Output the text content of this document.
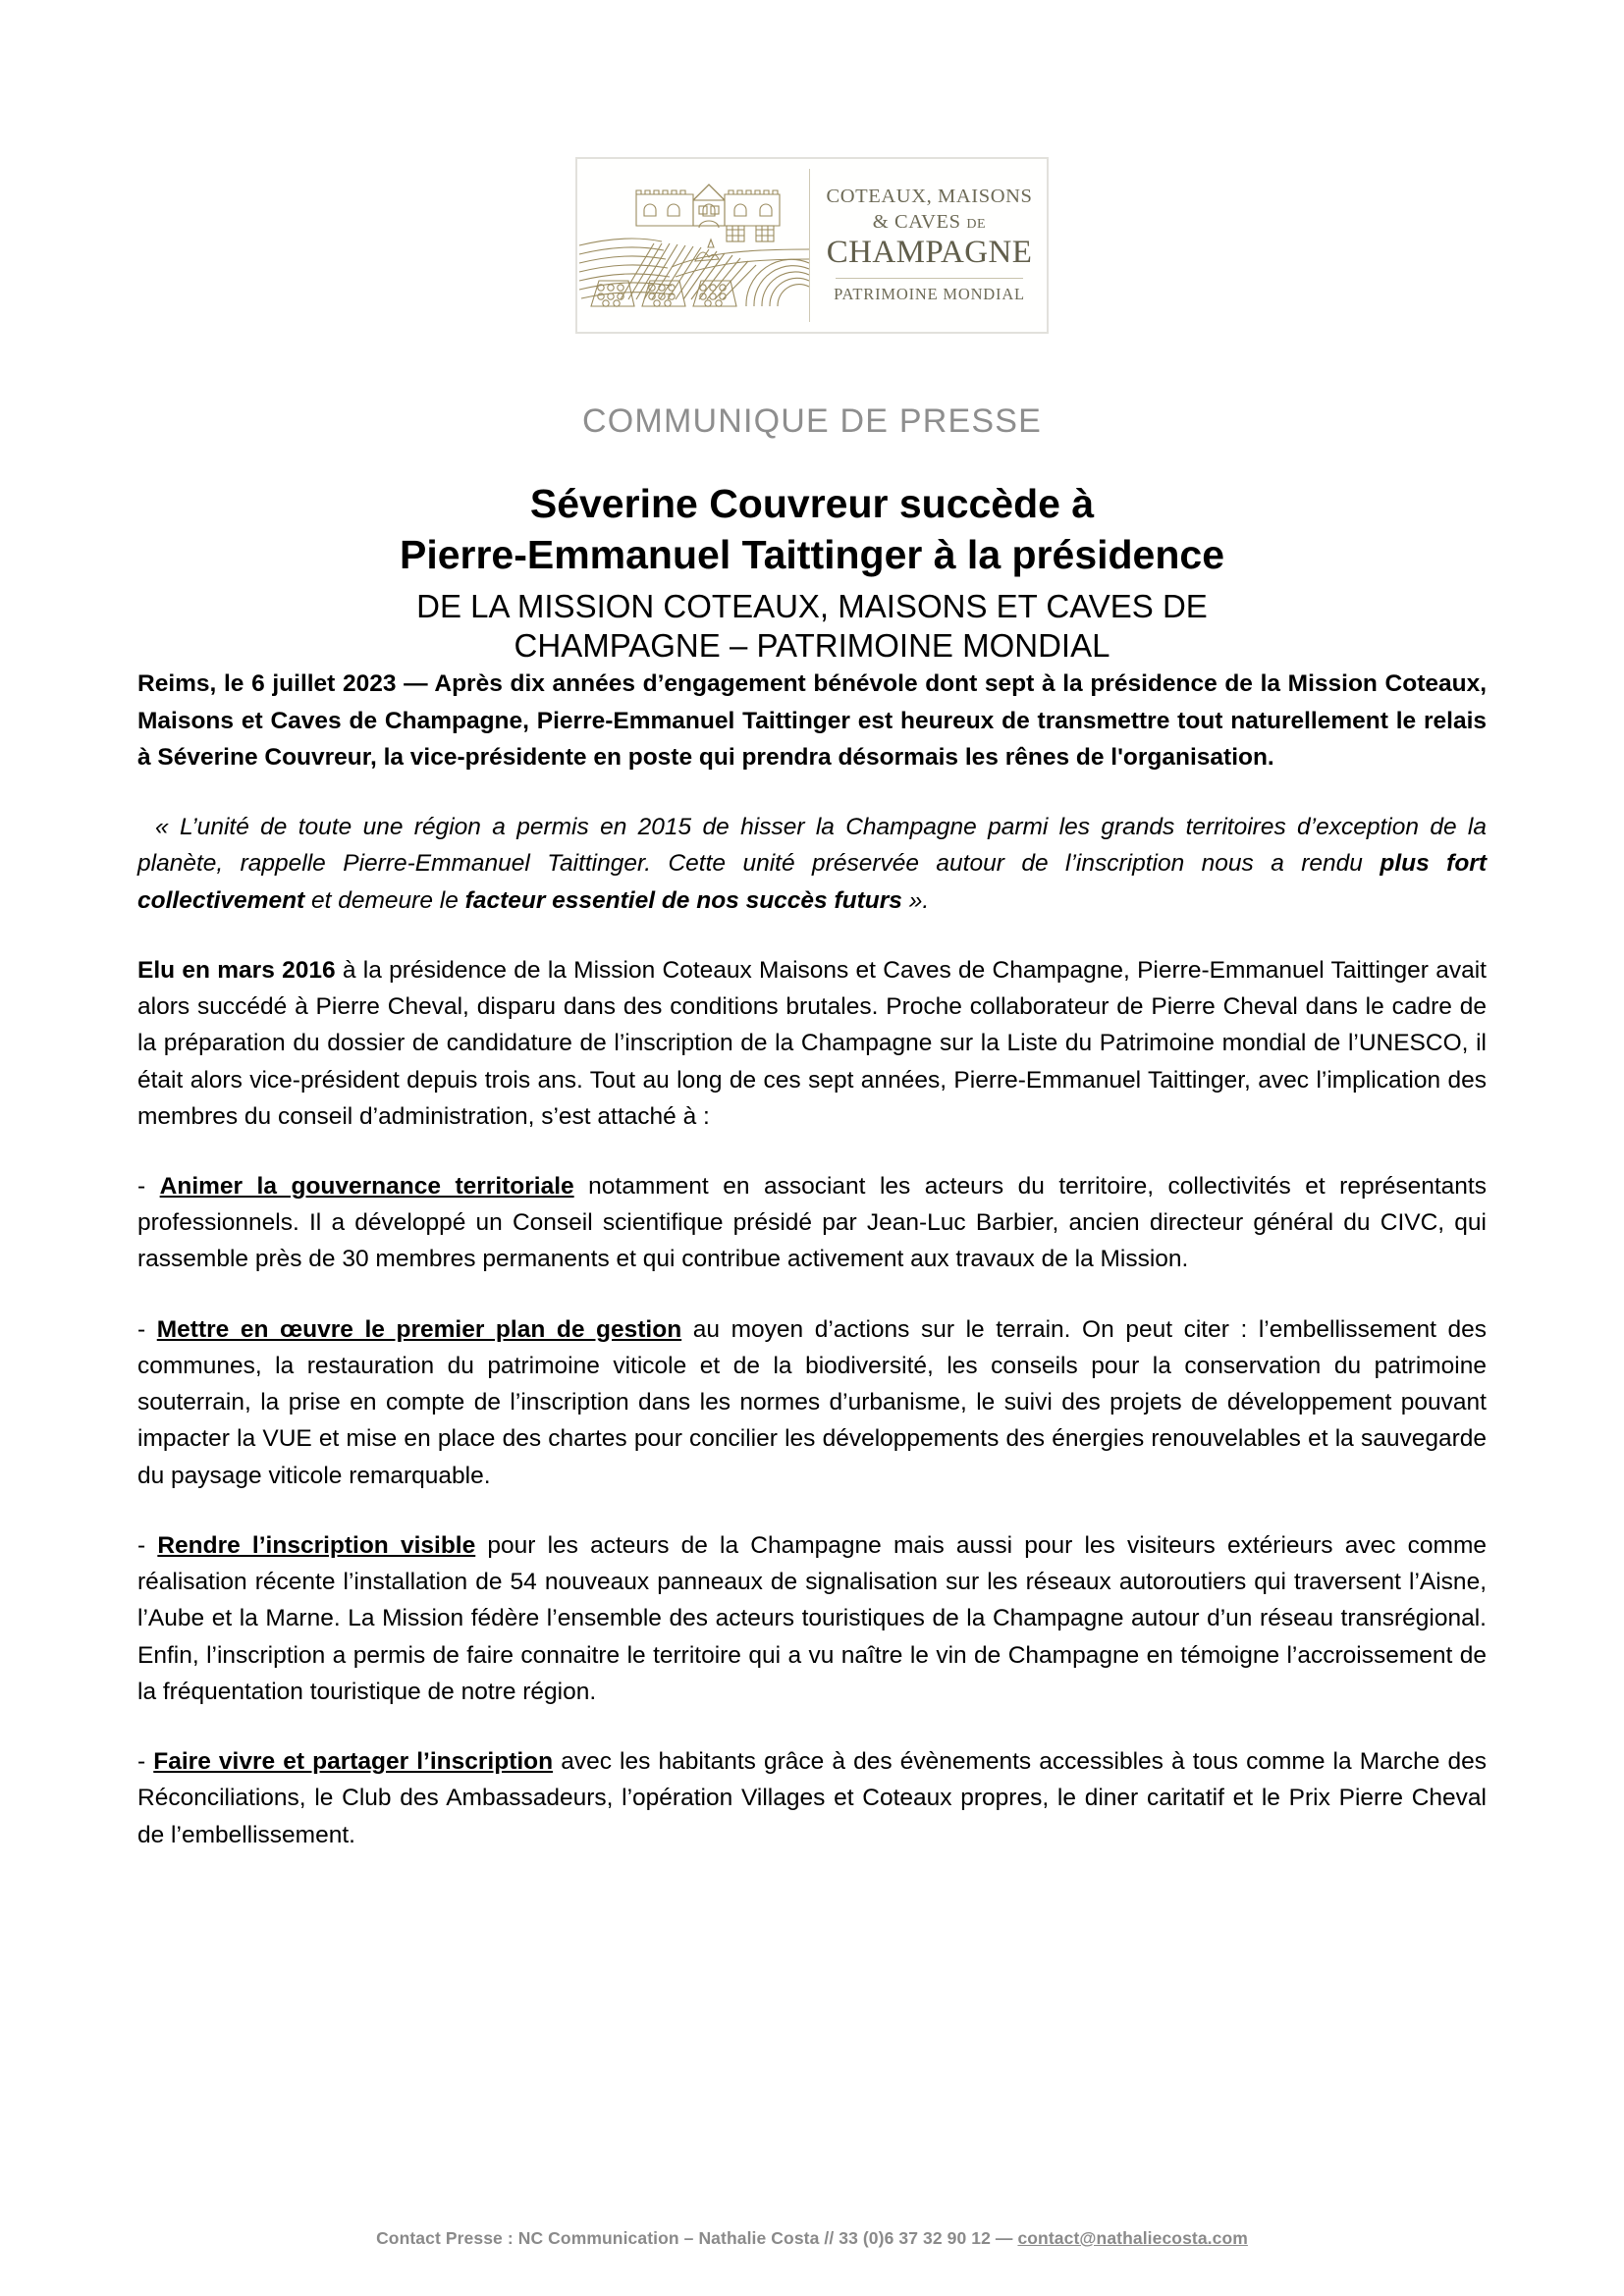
COTEAUX, MAISONS
& CAVES DE
CHAMPAGNE
PATRIMOINE MONDIAL
COMMUNIQUE DE PRESSE
Séverine Couvreur succède à
Pierre-Emmanuel Taittinger à la présidence
DE LA MISSION COTEAUX, MAISONS ET CAVES DE
CHAMPAGNE – PATRIMOINE MONDIAL

Reims, le 6 juillet 2023 — Après dix années d’engagement bénévole dont sept à la présidence de la Mission Coteaux, Maisons et Caves de Champagne, Pierre-Emmanuel Taittinger est heureux de transmettre tout naturellement le relais à Séverine Couvreur, la vice-présidente en poste qui prendra désormais les rênes de l'organisation.

« L’unité de toute une région a permis en 2015 de hisser la Champagne parmi les grands territoires d’exception de la planète, rappelle Pierre-Emmanuel Taittinger. Cette unité préservée autour de l’inscription nous a rendu plus fort collectivement et demeure le facteur essentiel de nos succès futurs ».

Elu en mars 2016 à la présidence de la Mission Coteaux Maisons et Caves de Champagne, Pierre-Emmanuel Taittinger avait alors succédé à Pierre Cheval, disparu dans des conditions brutales. Proche collaborateur de Pierre Cheval dans le cadre de la préparation du dossier de candidature de l’inscription de la Champagne sur la Liste du Patrimoine mondial de l’UNESCO, il était alors vice-président depuis trois ans. Tout au long de ces sept années, Pierre-Emmanuel Taittinger, avec l’implication des membres du conseil d’administration, s’est attaché à :

- Animer la gouvernance territoriale notamment en associant les acteurs du territoire, collectivités et représentants professionnels. Il a développé un Conseil scientifique présidé par Jean-Luc Barbier, ancien directeur général du CIVC, qui rassemble près de 30 membres permanents et qui contribue activement aux travaux de la Mission.

- Mettre en œuvre le premier plan de gestion au moyen d’actions sur le terrain. On peut citer : l’embellissement des communes, la restauration du patrimoine viticole et de la biodiversité, les conseils pour la conservation du patrimoine souterrain, la prise en compte de l’inscription dans les normes d’urbanisme, le suivi des projets de développement pouvant impacter la VUE et mise en place des chartes pour concilier les développements des énergies renouvelables et la sauvegarde du paysage viticole remarquable.

- Rendre l’inscription visible pour les acteurs de la Champagne mais aussi pour les visiteurs extérieurs avec comme réalisation récente l’installation de 54 nouveaux panneaux de signalisation sur les réseaux autoroutiers qui traversent l’Aisne, l’Aube et la Marne. La Mission fédère l’ensemble des acteurs touristiques de la Champagne autour d’un réseau transrégional. Enfin, l’inscription a permis de faire connaitre le territoire qui a vu naître le vin de Champagne en témoigne l’accroissement de la fréquentation touristique de notre région.

- Faire vivre et partager l’inscription avec les habitants grâce à des évènements accessibles à tous comme la Marche des Réconciliations, le Club des Ambassadeurs, l’opération Villages et Coteaux propres, le diner caritatif et le Prix Pierre Cheval de l’embellissement.

Contact Presse : NC Communication – Nathalie Costa // 33 (0)6 37 32 90 12 — contact@nathaliecosta.com
